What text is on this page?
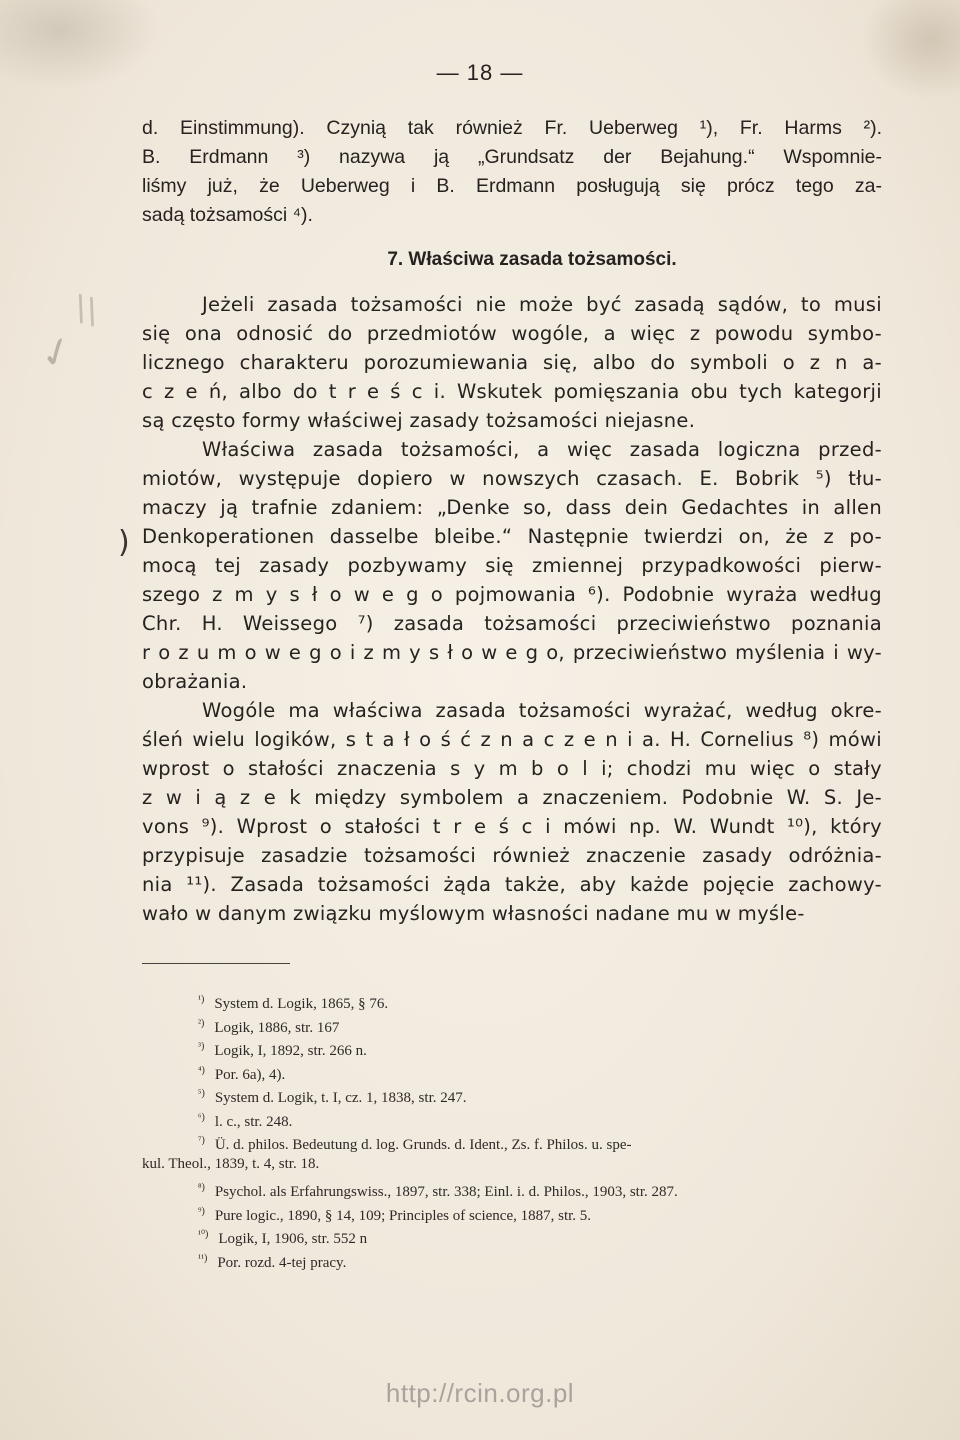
✓
\\
)
— 18 —
d. Einstimmung). Czynią tak również Fr. Ueberweg ¹), Fr. Harms ²).
B. Erdmann ³) nazywa ją „Grundsatz der Bejahung.“ Wspomnie-
liśmy już, że Ueberweg i B. Erdmann posługują się prócz tego za-
sadą tożsamości ⁴).
7. Właściwa zasada tożsamości.
Jeżeli zasada tożsamości nie może być zasadą sądów, to musi
się ona odnosić do przedmiotów wogóle, a więc z powodu symbo-
licznego charakteru porozumiewania się, albo do symboli o z n a-
c z e ń, albo do t r e ś c i. Wskutek pomięszania obu tych kategorji
są często formy właściwej zasady tożsamości niejasne.
Właściwa zasada tożsamości, a więc zasada logiczna przed-
miotów, występuje dopiero w nowszych czasach. E. Bobrik ⁵) tłu-
maczy ją trafnie zdaniem: „Denke so, dass dein Gedachtes in allen
Denkoperationen dasselbe bleibe.“ Następnie twierdzi on, że z po-
mocą tej zasady pozbywamy się zmiennej przypadkowości pierw-
szego z m y s ł o w e g o pojmowania ⁶). Podobnie wyraża według
Chr. H. Weissego ⁷) zasada tożsamości przeciwieństwo poznania
r o z u m o w e g o i z m y s ł o w e g o, przeciwieństwo myślenia i wy-
obrażania.
Wogóle ma właściwa zasada tożsamości wyrażać, według okre-
śleń wielu logików, s t a ł o ś ć z n a c z e n i a. H. Cornelius ⁸) mówi
wprost o stałości znaczenia s y m b o l i; chodzi mu więc o stały
z w i ą z e k między symbolem a znaczeniem. Podobnie W. S. Je-
vons ⁹). Wprost o stałości t r e ś c i mówi np. W. Wundt ¹⁰), który
przypisuje zasadzie tożsamości również znaczenie zasady odróżnia-
nia ¹¹). Zasada tożsamości żąda także, aby każde pojęcie zachowy-
wało w danym związku myślowym własności nadane mu w myśle-
$^{^1)}$ System d. Logik, 1865, § 76.
$^{^2)}$ Logik, 1886, str. 167
$^{^3)}$ Logik, I, 1892, str. 266 n.
$^{^4)}$ Por. 6a), 4).
$^{^5)}$ System d. Logik, t. I, cz. 1, 1838, str. 247.
$^{^6)}$ l. c., str. 248.
$^{^7)}$ Ü. d. philos. Bedeutung d. log. Grunds. d. Ident., Zs. f. Philos. u. spe-
kul. Theol., 1839, t. 4, str. 18.
$^{^8)}$ Psychol. als Erfahrungswiss., 1897, str. 338; Einl. i. d. Philos., 1903, str. 287.
$^{^9)}$ Pure logic., 1890, § 14, 109; Principles of science, 1887, str. 5.
$^{^{10})}$ Logik, I, 1906, str. 552 n
$^{^{11})}$ Por. rozd. 4-tej pracy.
http://rcin.org.pl
